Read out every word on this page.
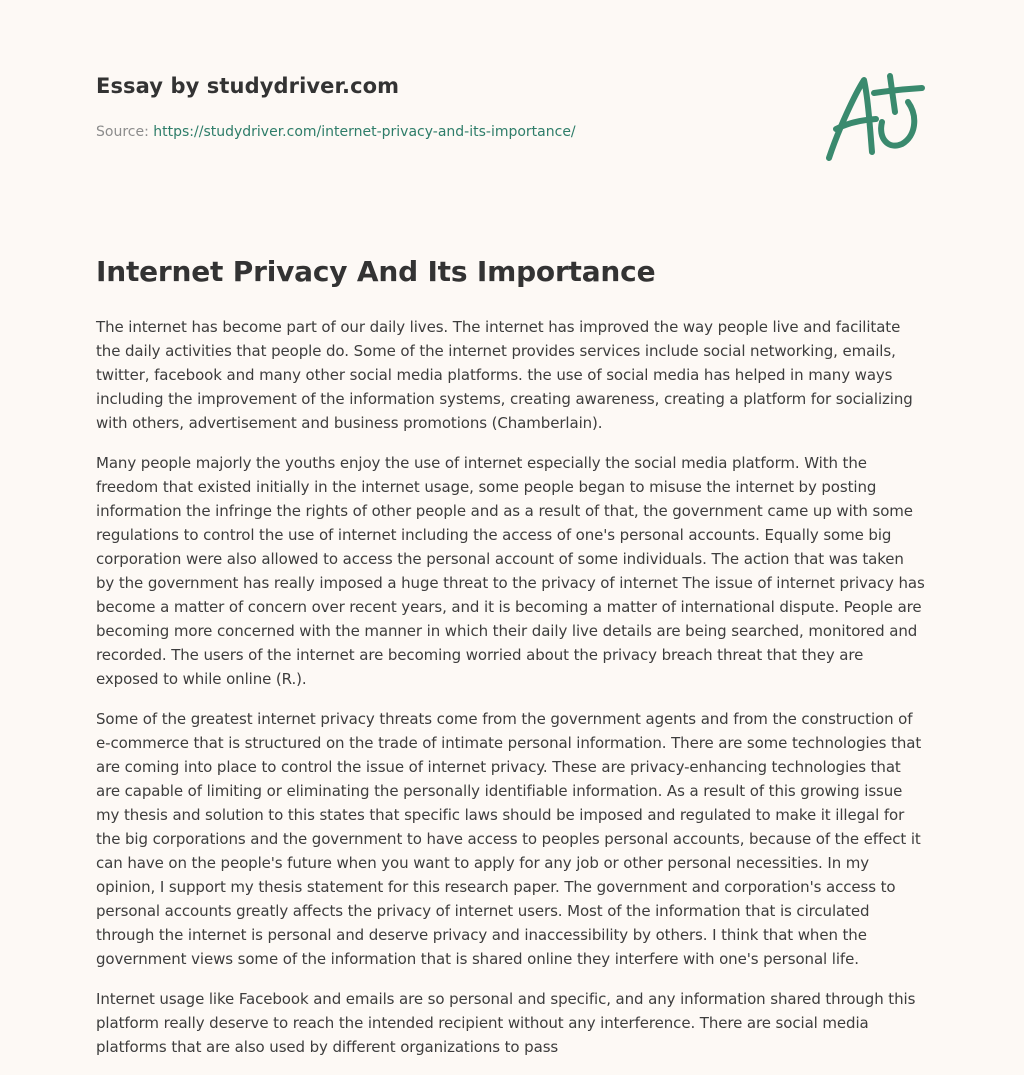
Essay by studydriver.com
Source: https://studydriver.com/internet-privacy-and-its-importance/
Internet Privacy And Its Importance

The internet has become part of our daily lives. The internet has improved the way people live and facilitate the daily activities that people do. Some of the internet provides services include social networking, emails, twitter, facebook and many other social media platforms. the use of social media has helped in many ways including the improvement of the information systems, creating awareness, creating a platform for socializing with others, advertisement and business promotions (Chamberlain).

Many people majorly the youths enjoy the use of internet especially the social media platform. With the freedom that existed initially in the internet usage, some people began to misuse the internet by posting information the infringe the rights of other people and as a result of that, the government came up with some regulations to control the use of internet including the access of one's personal accounts. Equally some big corporation were also allowed to access the personal account of some individuals. The action that was taken by the government has really imposed a huge threat to the privacy of internet The issue of internet privacy has become a matter of concern over recent years, and it is becoming a matter of international dispute. People are becoming more concerned with the manner in which their daily live details are being searched, monitored and recorded. The users of the internet are becoming worried about the privacy breach threat that they are exposed to while online (R.).

Some of the greatest internet privacy threats come from the government agents and from the construction of e-commerce that is structured on the trade of intimate personal information. There are some technologies that are coming into place to control the issue of internet privacy. These are privacy-enhancing technologies that are capable of limiting or eliminating the personally identifiable information. As a result of this growing issue my thesis and solution to this states that specific laws should be imposed and regulated to make it illegal for the big corporations and the government to have access to peoples personal accounts, because of the effect it can have on the people's future when you want to apply for any job or other personal necessities. In my opinion, I support my thesis statement for this research paper. The government and corporation's access to personal accounts greatly affects the privacy of internet users. Most of the information that is circulated through the internet is personal and deserve privacy and inaccessibility by others. I think that when the government views some of the information that is shared online they interfere with one's personal life.

Internet usage like Facebook and emails are so personal and specific, and any information shared through this platform really deserve to reach the intended recipient without any interference. There are social media platforms that are also used by different organizations to pass
